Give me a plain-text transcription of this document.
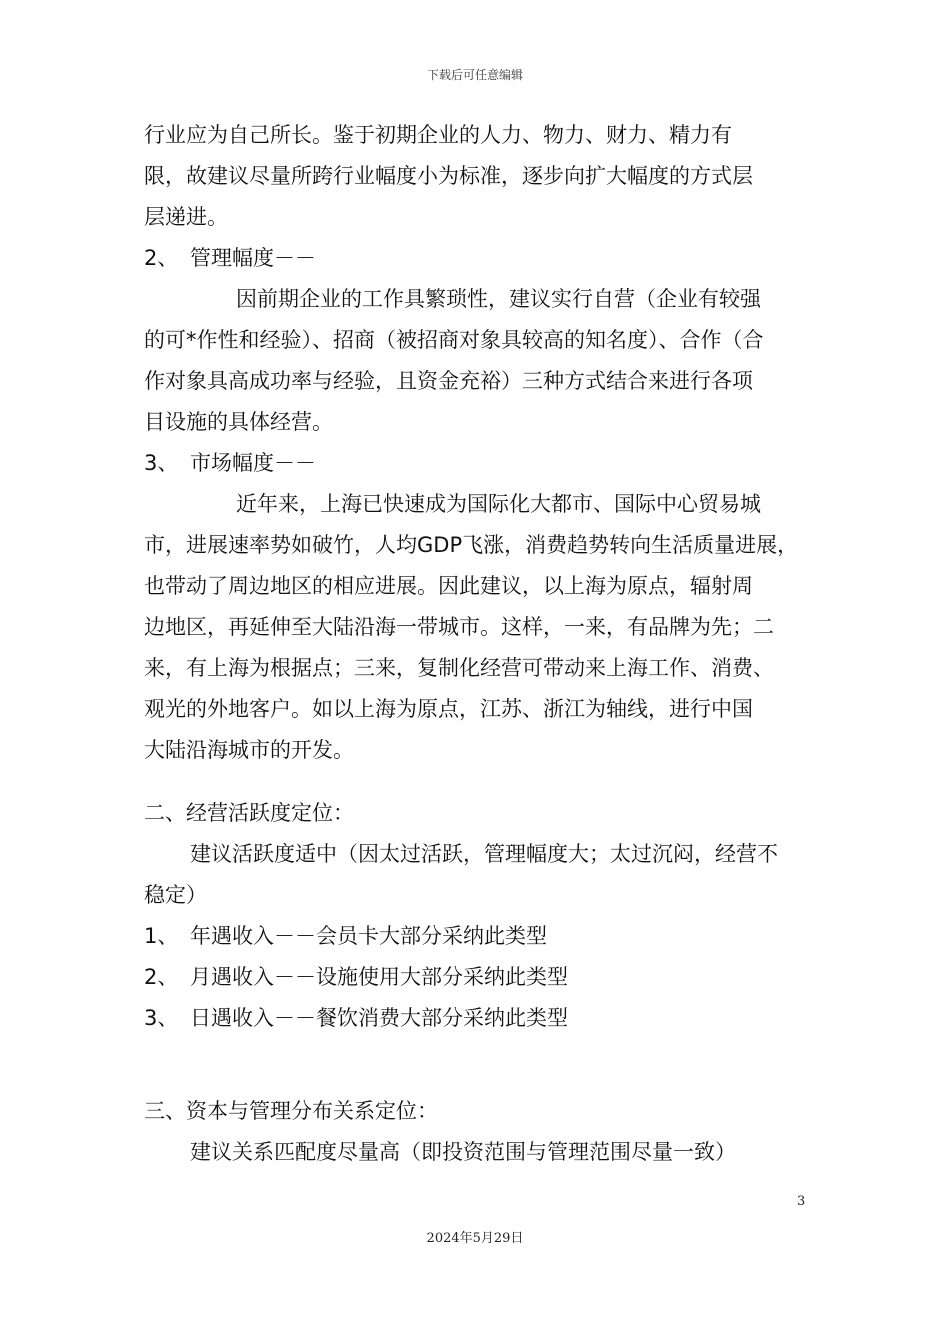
下载后可任意编辑

行业应为自己所长。鉴于初期企业的人力、物力、财力、精力有

限，故建议尽量所跨行业幅度小为标准，逐步向扩大幅度的方式层

层递进。

2、 管理幅度－－

因前期企业的工作具繁琐性，建议实行自营（企业有较强

的可*作性和经验）、招商（被招商对象具较高的知名度）、合作（合

作对象具高成功率与经验，且资金充裕）三种方式结合来进行各项

目设施的具体经营。

3、 市场幅度－－

近年来，上海已快速成为国际化大都市、国际中心贸易城

市，进展速率势如破竹，人均GDP飞涨，消费趋势转向生活质量进展，

也带动了周边地区的相应进展。因此建议，以上海为原点，辐射周

边地区，再延伸至大陆沿海一带城市。这样，一来，有品牌为先；二

来，有上海为根据点；三来，复制化经营可带动来上海工作、消费、

观光的外地客户。如以上海为原点，江苏、浙江为轴线，进行中国

大陆沿海城市的开发。

二、经营活跃度定位：

建议活跃度适中（因太过活跃，管理幅度大；太过沉闷，经营不

稳定）

1、 年遇收入－－会员卡大部分采纳此类型

2、 月遇收入－－设施使用大部分采纳此类型

3、 日遇收入－－餐饮消费大部分采纳此类型

三、资本与管理分布关系定位：

建议关系匹配度尽量高（即投资范围与管理范围尽量一致）

3
2024年5月29日
